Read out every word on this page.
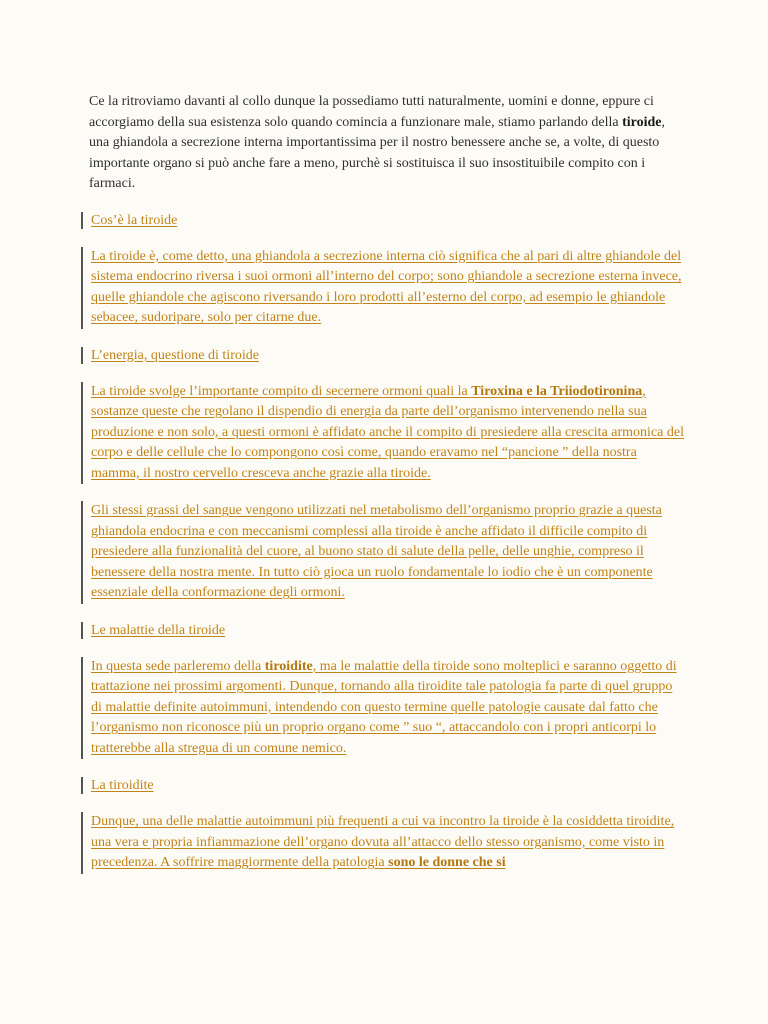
Ce la ritroviamo davanti al collo dunque la possediamo tutti naturalmente, uomini e donne, eppure ci accorgiamo della sua esistenza solo quando comincia a funzionare male, stiamo parlando della tiroide, una ghiandola a secrezione interna importantissima per il nostro benessere anche se, a volte, di questo importante organo si può anche fare a meno, purchè si sostituisca il suo insostituibile compito con i farmaci.

Cos’è la tiroide

La tiroide è, come detto, una ghiandola a secrezione interna ciò significa che al pari di altre ghiandole del sistema endocrino riversa i suoi ormoni all’interno del corpo; sono ghiandole a secrezione esterna invece, quelle ghiandole che agiscono riversando i loro prodotti all’esterno del corpo, ad esempio le ghiandole sebacee, sudoripare, solo per citarne due.

L’energia, questione di tiroide

La tiroide svolge l’importante compito di secernere ormoni quali la Tiroxina e la Triiodotironina, sostanze queste che regolano il dispendio di energia da parte dell’organismo intervenendo nella sua produzione e non solo, a questi ormoni è affidato anche il compito di presiedere alla crescita armonica del corpo e delle cellule che lo compongono così come, quando eravamo nel “pancione ” della nostra mamma, il nostro cervello cresceva anche grazie alla tiroide.

Gli stessi grassi del sangue vengono utilizzati nel metabolismo dell’organismo proprio grazie a questa ghiandola endocrina e con meccanismi complessi alla tiroide è anche affidato il difficile compito di presiedere alla funzionalità del cuore, al buono stato di salute della pelle, delle unghie, compreso il benessere della nostra mente. In tutto ciò gioca un ruolo fondamentale lo iodio che è un componente essenziale della conformazione degli ormoni.

Le malattie della tiroide

In questa sede parleremo della tiroidite, ma le malattie della tiroide sono molteplici e saranno oggetto di trattazione nei prossimi argomenti. Dunque, tornando alla tiroidite tale patologia fa parte di quel gruppo di malattie definite autoimmuni, intendendo con questo termine quelle patologie causate dal fatto che l’organismo non riconosce più un proprio organo come ” suo “, attaccandolo con i propri anticorpi lo tratterebbe alla stregua di un comune nemico.

La tiroidite

Dunque, una delle malattie autoimmuni più frequenti a cui va incontro la tiroide è la cosiddetta tiroidite, una vera e propria infiammazione dell’organo dovuta all’attacco dello stesso organismo, come visto in precedenza. A soffrire maggiormente della patologia sono le donne che si
